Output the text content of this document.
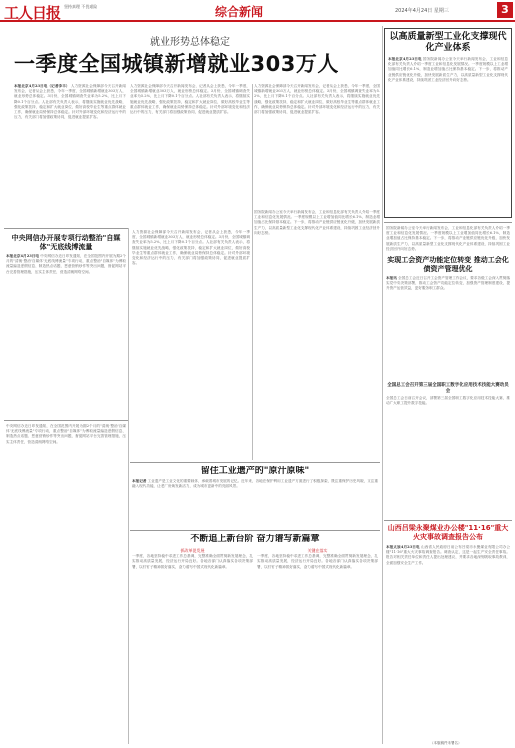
工人日报 坚持真理 不畏艰险	综合新闻	2024年4月24日 星期三	3
就业形势总体稳定
一季度全国城镇新增就业303万人
本报北京4月23日电（记者李丰） 人力资源社会保障部今天召开新闻发布会，记者从会上获悉，今年一季度，全国城镇新增就业303万人，就业形势总体稳定。3月份，全国城镇调查失业率为5.2%，比上月下降0.1个百分点。人社部有关负责人表示，将继续实施就业优先战略，强化政策扶持，稳定和扩大就业岗位，做好高校毕业生等重点群体就业工作，确保就业局势保持总体稳定。针对外部环境变化和经济运行中的压力，有关部门将加强政策协同，促进就业提质扩容。
人力资源社会保障部今天召开新闻发布会，记者从会上获悉，今年一季度，全国城镇新增就业303万人，就业形势总体稳定。3月份，全国城镇调查失业率为5.2%，比上月下降0.1个百分点。人社部有关负责人表示，将继续实施就业优先战略，强化政策扶持，稳定和扩大就业岗位，做好高校毕业生等重点群体就业工作，确保就业局势保持总体稳定。针对外部环境变化和经济运行中的压力，有关部门将加强政策协同，促进就业提质扩容。
人力资源社会保障部今天召开新闻发布会，记者从会上获悉，今年一季度，全国城镇新增就业303万人，就业形势总体稳定。3月份，全国城镇调查失业率为5.2%，比上月下降0.1个百分点。人社部有关负责人表示，将继续实施就业优先战略，强化政策扶持，稳定和扩大就业岗位，做好高校毕业生等重点群体就业工作，确保就业局势保持总体稳定。针对外部环境变化和经济运行中的压力，有关部门将加强政策协同，促进就业提质扩容。
以高质量新型工业化支撑现代化产业体系
本报北京4月23日电 国务院新闻办公室今天举行新闻发布会，工业和信息化部有关负责人介绍一季度工业和信息化发展情况。一季度规模以上工业增加值同比增长6.1%，制造业增加值占比保持基本稳定。下一步，将推动产业链供应链优化升级，加快发展新质生产力，以高质量新型工业化支撑现代化产业体系建设，持续巩固工业经济回升向好态势。
中央网信办开展专项行动整治"自媒体"无底线博流量
本报北京4月23日电 中央网信办近日印发通知，在全国范围内开展为期2个月的"清朗·整治'自媒体'无底线博流量"专项行动，重点整治"自媒体"为博取流量编造虚假信息、制造热点话题、恶意营销炒作等突出问题，督促网站平台完善管理措施，压实主体责任，营造清朗网络空间。
中央网信办近日印发通知，在全国范围内开展为期2个月的"清朗·整治'自媒体'无底线博流量"专项行动，重点整治"自媒体"为博取流量编造虚假信息、制造热点话题、恶意营销炒作等突出问题，督促网站平台完善管理措施，压实主体责任，营造清朗网络空间。
人力资源社会保障部今天召开新闻发布会，记者从会上获悉，今年一季度，全国城镇新增就业303万人，就业形势总体稳定。3月份，全国城镇调查失业率为5.2%，比上月下降0.1个百分点。人社部有关负责人表示，将继续实施就业优先战略，强化政策扶持，稳定和扩大就业岗位，做好高校毕业生等重点群体就业工作，确保就业局势保持总体稳定。针对外部环境变化和经济运行中的压力，有关部门将加强政策协同，促进就业提质扩容。
国务院新闻办公室今天举行新闻发布会，工业和信息化部有关负责人介绍一季度工业和信息化发展情况。一季度规模以上工业增加值同比增长6.1%，制造业增加值占比保持基本稳定。下一步，将推动产业链供应链优化升级，加快发展新质生产力，以高质量新型工业化支撑现代化产业体系建设，持续巩固工业经济回升向好态势。
留住工业遗产的"原汁原味"
本报记者 工业遗产是工业文化的重要载体，承载着城市发展的记忆。近年来，各地在保护利用工业遗产方面进行了积极探索，既注重保护历史风貌，又注重融入现代功能，让老厂房焕发新活力，成为城市更新中的亮丽风景。
不断追上新台阶 奋力谱写新篇章
抓改革促发展
一季度，各地坚持稳中求进工作总基调，完整准确全面贯彻新发展理念，扎实推动高质量发展，经济运行开局良好。各地各部门认真落实各项决策部署，以钉钉子精神抓好落实，奋力谱写中国式现代化新篇章。
关键在落实
一季度，各地坚持稳中求进工作总基调，完整准确全面贯彻新发展理念，扎实推动高质量发展，经济运行开局良好。各地各部门认真落实各项决策部署，以钉钉子精神抓好落实，奋力谱写中国式现代化新篇章。
国务院新闻办公室今天举行新闻发布会，工业和信息化部有关负责人介绍一季度工业和信息化发展情况。一季度规模以上工业增加值同比增长6.1%，制造业增加值占比保持基本稳定。下一步，将推动产业链供应链优化升级，加快发展新质生产力，以高质量新型工业化支撑现代化产业体系建设，持续巩固工业经济回升向好态势。
实现工会资产功能定位转变 推动工会化债资产管理优化
本报讯 全国总工会近日召开工会资产管理工作会议，要求各级工会深入贯彻落实党中央决策部署，推动工会资产功能定位转变，加强资产管理制度建设，提升资产运营效益，更好服务职工群众。
全国总工会召开第三届全国职工数字化应用技术技能大赛动员会
全国总工会日前召开会议，部署第三届全国职工数字化应用技术技能大赛，推动广大职工提升数字技能。
山西吕梁永聚煤业办公楼"11·16"重大火灾事故调查报告公布
本报太原4月23日电 山西省人民政府日前公布吕梁市永聚煤业有限公司办公楼"11·16"重大火灾事故调查报告。调查认定，这是一起生产安全责任事故。报告对相关责任单位和责任人提出处理建议，并要求各地深刻吸取事故教训，全面加强安全生产工作。
（本版稿件未署名）
